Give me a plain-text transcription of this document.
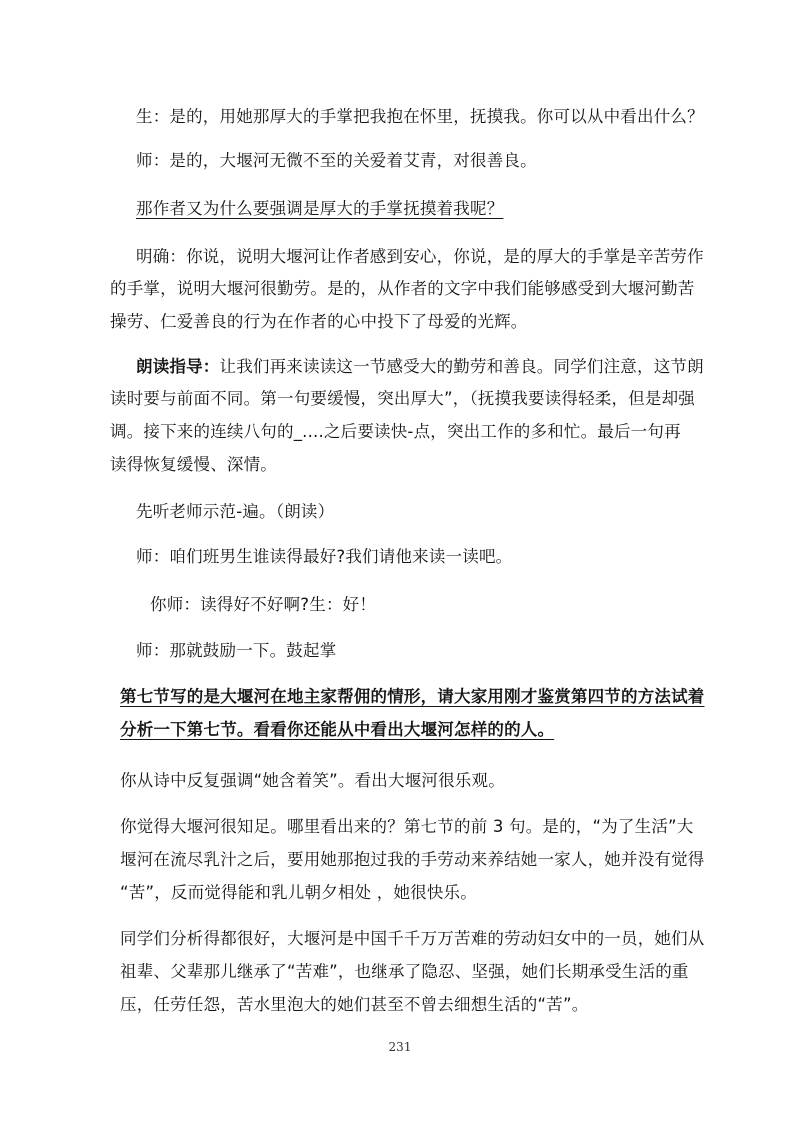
生：是的，用她那厚大的手掌把我抱在怀里，抚摸我。你可以从中看出什么？
师：是的，大堰河无微不至的关爱着艾青，对很善良。
那作者又为什么要强调是厚大的手掌抚摸着我呢？
明确：你说，说明大堰河让作者感到安心，你说，是的厚大的手掌是辛苦劳作
的手掌，说明大堰河很勤劳。是的，从作者的文字中我们能够感受到大堰河勤苦
操劳、仁爱善良的行为在作者的心中投下了母爱的光辉。
朗读指导：让我们再来读读这一节感受大的勤劳和善良。同学们注意，这节朗
读时要与前面不同。第一句要缓慢，突出厚大”，（抚摸我要读得轻柔，但是却强
调。接下来的连续八句的_....之后要读快-点，突出工作的多和忙。最后一句再
读得恢复缓慢、深情。
先听老师示范-遍。（朗读）
师：咱们班男生谁读得最好?我们请他来读一读吧。
你师：读得好不好啊?生：好！
师：那就鼓励一下。鼓起掌
第七节写的是大堰河在地主家帮佣的情形，请大家用刚才鉴赏第四节的方法试着
分析一下第七节。看看你还能从中看出大堰河怎样的的人。
你从诗中反复强调“她含着笑”。看出大堰河很乐观。
你觉得大堰河很知足。哪里看出来的？第七节的前 3 句。是的，“为了生活”大
堰河在流尽乳汁之后，要用她那抱过我的手劳动来养结她一家人，她并没有觉得
“苦”，反而觉得能和乳儿朝夕相处 ，她很快乐。
同学们分析得都很好，大堰河是中国千千万万苦难的劳动妇女中的一员，她们从
祖辈、父辈那儿继承了“苦难”，也继承了隐忍、坚强，她们长期承受生活的重
压，任劳任怨，苦水里泡大的她们甚至不曾去细想生活的“苦”。
231
